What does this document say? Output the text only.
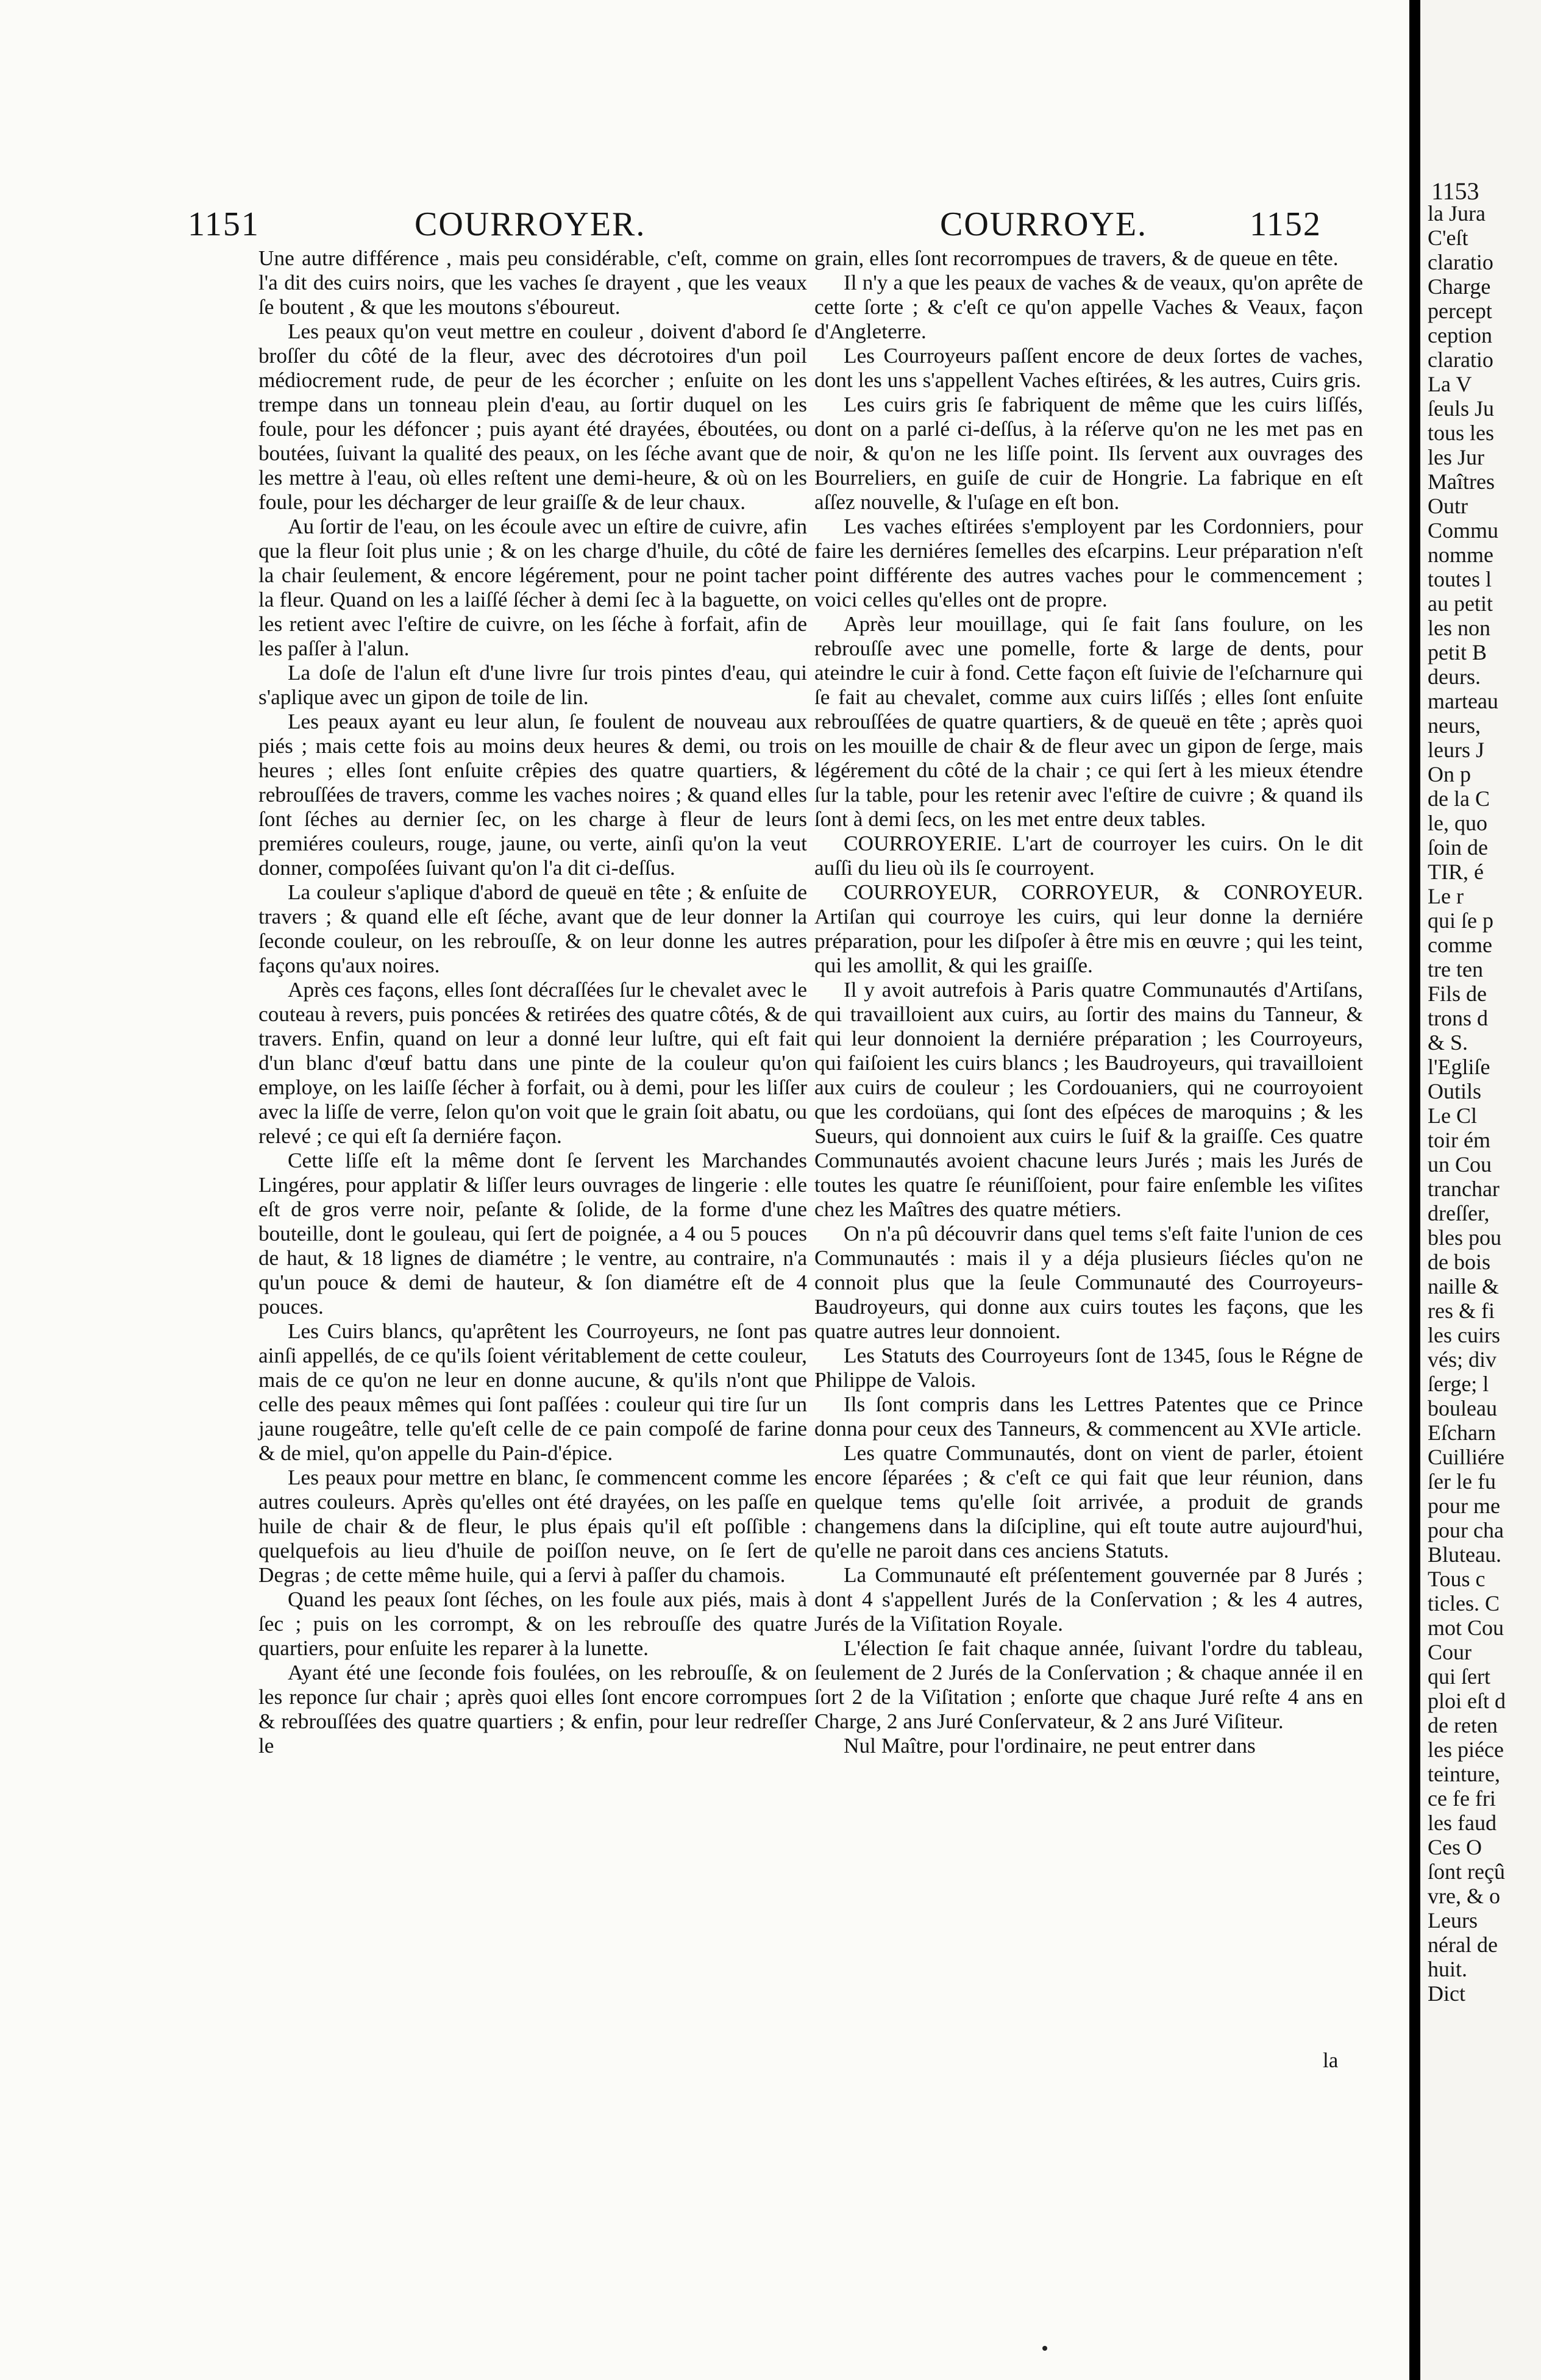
1151	COURROYER.	COURROYE.	1152

Une autre différence , mais peu considérable, c'eſt, comme on l'a dit des cuirs noirs, que les vaches ſe drayent , que les veaux ſe boutent , & que les moutons s'éboureut.

Les peaux qu'on veut mettre en couleur , doivent d'abord ſe broſſer du côté de la fleur, avec des décrotoires d'un poil médiocrement rude, de peur de les écorcher ; enſuite on les trempe dans un tonneau plein d'eau, au ſortir duquel on les foule, pour les défoncer ; puis ayant été drayées, éboutées, ou boutées, ſuivant la qualité des peaux, on les ſéche avant que de les mettre à l'eau, où elles reſtent une demi-heure, & où on les foule, pour les décharger de leur graiſſe & de leur chaux.

Au ſortir de l'eau, on les écoule avec un eſtire de cuivre, afin que la fleur ſoit plus unie ; & on les charge d'huile, du côté de la chair ſeulement, & encore légérement, pour ne point tacher la fleur. Quand on les a laiſſé ſécher à demi ſec à la baguette, on les retient avec l'eſtire de cuivre, on les ſéche à forfait, afin de les paſſer à l'alun.

La doſe de l'alun eſt d'une livre ſur trois pintes d'eau, qui s'aplique avec un gipon de toile de lin.

Les peaux ayant eu leur alun, ſe foulent de nouveau aux piés ; mais cette fois au moins deux heures & demi, ou trois heures ; elles ſont enſuite crêpies des quatre quartiers, & rebrouſſées de travers, comme les vaches noires ; & quand elles ſont ſéches au dernier ſec, on les charge à fleur de leurs premiéres couleurs, rouge, jaune, ou verte, ainſi qu'on la veut donner, compoſées ſuivant qu'on l'a dit ci-deſſus.

La couleur s'aplique d'abord de queuë en tête ; & enſuite de travers ; & quand elle eſt ſéche, avant que de leur donner la ſeconde couleur, on les rebrouſſe, & on leur donne les autres façons qu'aux noires.

Après ces façons, elles ſont décraſſées ſur le chevalet avec le couteau à revers, puis poncées & retirées des quatre côtés, & de travers. Enfin, quand on leur a donné leur luſtre, qui eſt fait d'un blanc d'œuf battu dans une pinte de la couleur qu'on employe, on les laiſſe ſécher à forfait, ou à demi, pour les liſſer avec la liſſe de verre, ſelon qu'on voit que le grain ſoit abatu, ou relevé ; ce qui eſt ſa derniére façon.

Cette liſſe eſt la même dont ſe ſervent les Marchandes Lingéres, pour applatir & liſſer leurs ouvrages de lingerie : elle eſt de gros verre noir, peſante & ſolide, de la forme d'une bouteille, dont le gouleau, qui ſert de poignée, a 4 ou 5 pouces de haut, & 18 lignes de diamétre ; le ventre, au contraire, n'a qu'un pouce & demi de hauteur, & ſon diamétre eſt de 4 pouces.

Les Cuirs blancs, qu'aprêtent les Courroyeurs, ne ſont pas ainſi appellés, de ce qu'ils ſoient véritablement de cette couleur, mais de ce qu'on ne leur en donne aucune, & qu'ils n'ont que celle des peaux mêmes qui ſont paſſées : couleur qui tire ſur un jaune rougeâtre, telle qu'eſt celle de ce pain compoſé de farine & de miel, qu'on appelle du Pain-d'épice.

Les peaux pour mettre en blanc, ſe commencent comme les autres couleurs. Après qu'elles ont été drayées, on les paſſe en huile de chair & de fleur, le plus épais qu'il eſt poſſible : quelquefois au lieu d'huile de poiſſon neuve, on ſe ſert de Degras ; de cette même huile, qui a ſervi à paſſer du chamois.

Quand les peaux ſont ſéches, on les foule aux piés, mais à ſec ; puis on les corrompt, & on les rebrouſſe des quatre quartiers, pour enſuite les reparer à la lunette.

Ayant été une ſeconde fois foulées, on les rebrouſſe, & on les reponce ſur chair ; après quoi elles ſont encore corrompues & rebrouſſées des quatre quartiers ; & enfin, pour leur redreſſer le

grain, elles ſont recorrompues de travers, & de queue en tête.

Il n'y a que les peaux de vaches & de veaux, qu'on aprête de cette ſorte ; & c'eſt ce qu'on appelle Vaches & Veaux, façon d'Angleterre.

Les Courroyeurs paſſent encore de deux ſortes de vaches, dont les uns s'appellent Vaches eſtirées, & les autres, Cuirs gris.

Les cuirs gris ſe fabriquent de même que les cuirs liſſés, dont on a parlé ci-deſſus, à la réſerve qu'on ne les met pas en noir, & qu'on ne les liſſe point. Ils ſervent aux ouvrages des Bourreliers, en guiſe de cuir de Hongrie. La fabrique en eſt aſſez nouvelle, & l'uſage en eſt bon.

Les vaches eſtirées s'employent par les Cordonniers, pour faire les derniéres ſemelles des eſcarpins. Leur préparation n'eſt point différente des autres vaches pour le commencement ; voici celles qu'elles ont de propre.

Après leur mouillage, qui ſe fait ſans foulure, on les rebrouſſe avec une pomelle, forte & large de dents, pour ateindre le cuir à fond. Cette façon eſt ſuivie de l'eſcharnure qui ſe fait au chevalet, comme aux cuirs liſſés ; elles ſont enſuite rebrouſſées de quatre quartiers, & de queuë en tête ; après quoi on les mouille de chair & de fleur avec un gipon de ſerge, mais légérement du côté de la chair ; ce qui ſert à les mieux étendre ſur la table, pour les retenir avec l'eſtire de cuivre ; & quand ils ſont à demi ſecs, on les met entre deux tables.

COURROYERIE. L'art de courroyer les cuirs. On le dit auſſi du lieu où ils ſe courroyent.

COURROYEUR, CORROYEUR, & CONROYEUR. Artiſan qui courroye les cuirs, qui leur donne la derniére préparation, pour les diſpoſer à être mis en œuvre ; qui les teint, qui les amollit, & qui les graiſſe.

Il y avoit autrefois à Paris quatre Communautés d'Artiſans, qui travailloient aux cuirs, au ſortir des mains du Tanneur, & qui leur donnoient la derniére préparation ; les Courroyeurs, qui faiſoient les cuirs blancs ; les Baudroyeurs, qui travailloient aux cuirs de couleur ; les Cordouaniers, qui ne courroyoient que les cordoüans, qui ſont des eſpéces de maroquins ; & les Sueurs, qui donnoient aux cuirs le ſuif & la graiſſe. Ces quatre Communautés avoient chacune leurs Jurés ; mais les Jurés de toutes les quatre ſe réuniſſoient, pour faire enſemble les viſites chez les Maîtres des quatre métiers.

On n'a pû découvrir dans quel tems s'eſt faite l'union de ces Communautés : mais il y a déja plusieurs ſiécles qu'on ne connoit plus que la ſeule Communauté des Courroyeurs-Baudroyeurs, qui donne aux cuirs toutes les façons, que les quatre autres leur donnoient.

Les Statuts des Courroyeurs ſont de 1345, ſous le Régne de Philippe de Valois.

Ils ſont compris dans les Lettres Patentes que ce Prince donna pour ceux des Tanneurs, & commencent au XVIe article.

Les quatre Communautés, dont on vient de parler, étoient encore ſéparées ; & c'eſt ce qui fait que leur réunion, dans quelque tems qu'elle ſoit arrivée, a produit de grands changemens dans la diſcipline, qui eſt toute autre aujourd'hui, qu'elle ne paroit dans ces anciens Statuts.

La Communauté eſt préſentement gouvernée par 8 Jurés ; dont 4 s'appellent Jurés de la Conſervation ; & les 4 autres, Jurés de la Viſitation Royale.

L'élection ſe fait chaque année, ſuivant l'ordre du tableau, ſeulement de 2 Jurés de la Conſervation ; & chaque année il en ſort 2 de la Viſitation ; enſorte que chaque Juré reſte 4 ans en Charge, 2 ans Juré Conſervateur, & 2 ans Juré Viſiteur.

Nul Maître, pour l'ordinaire, ne peut entrer dans

la
1153
la Jura
C'eſt
claratio
Charge
percept
ception
claratio
La V
ſeuls Ju
tous les
les Jur
Maîtres
Outr
Commu
nomme
toutes l
au petit
les non
petit B
deurs.
marteau
neurs,
leurs J
On p
de la C
le, quo
ſoin de
TIR, é
Le r
qui ſe p
comme
tre ten
Fils de
trons d
& S.
l'Egliſe
Outils
Le Cl
toir ém
un Cou
tranchar
dreſſer,
bles pou
de bois
naille &
res & fi
les cuirs
vés; div
ſerge; l
bouleau
Eſcharn
Cuilliére
ſer le fu
pour me
pour cha
Bluteau.
Tous c
ticles. C
mot Cou
Cour
qui ſert
ploi eſt d
de reten
les piéce
teinture,
ce fe fri
les faud
Ces O
ſont reçû
vre, & o
Leurs
néral de
huit.
Dict
